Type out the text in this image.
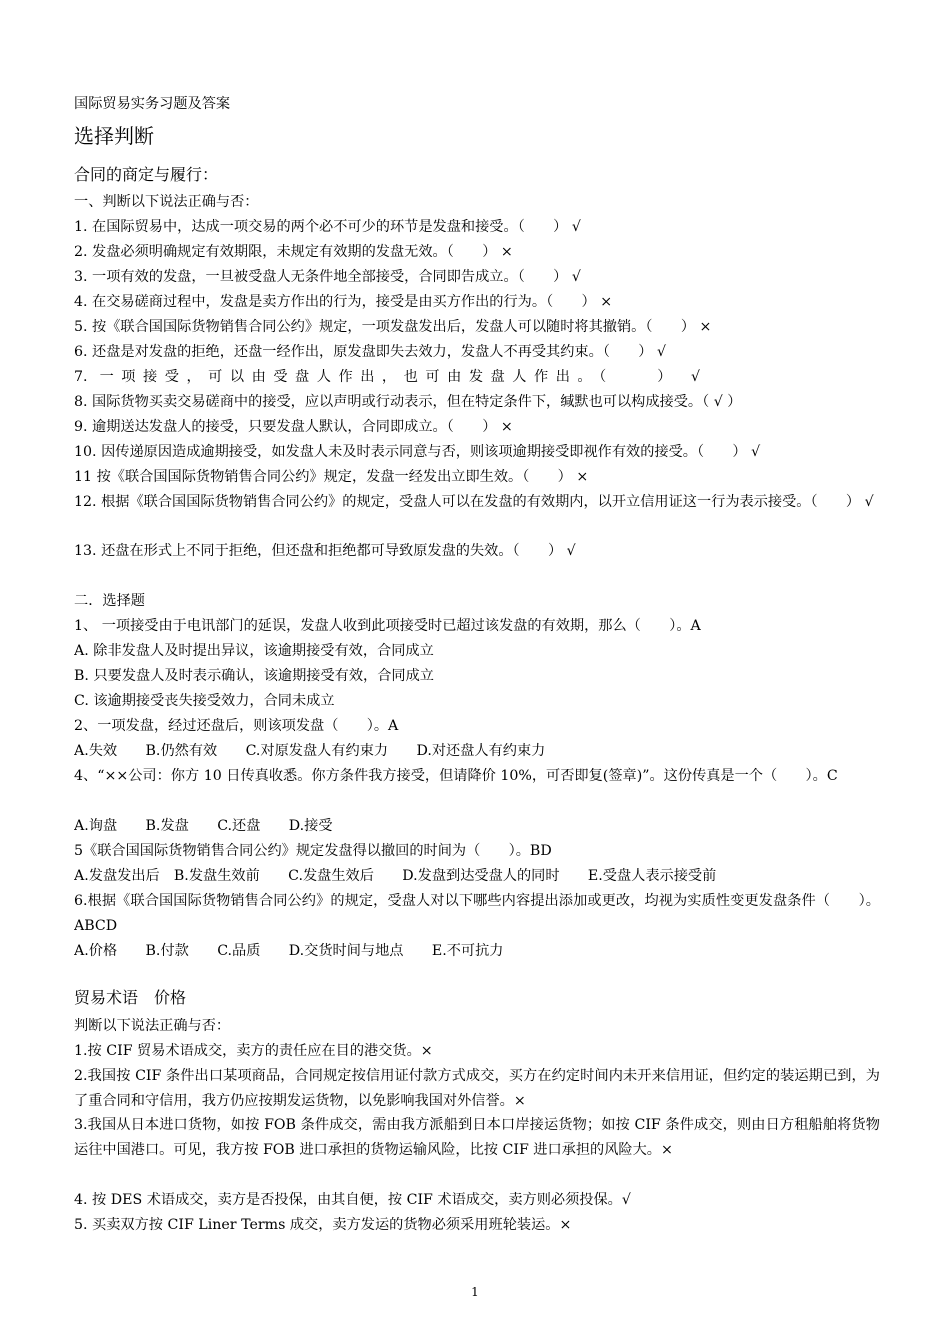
国际贸易实务习题及答案
选择判断
合同的商定与履行：
一、判断以下说法正确与否：
1. 在国际贸易中，达成一项交易的两个必不可少的环节是发盘和接受。（　　） √
2. 发盘必须明确规定有效期限，未规定有效期的发盘无效。（　　） ×
3. 一项有效的发盘，一旦被受盘人无条件地全部接受，合同即告成立。（　　） √
4. 在交易磋商过程中，发盘是卖方作出的行为，接受是由买方作出的行为。（　　） ×
5. 按《联合国国际货物销售合同公约》规定，一项发盘发出后，发盘人可以随时将其撤销。（　　） ×
6. 还盘是对发盘的拒绝，还盘一经作出，原发盘即失去效力，发盘人不再受其约束。（　　） √
7. 一项接受，可以由受盘人作出，也可由发盘人作出。（　　） √
8. 国际货物买卖交易磋商中的接受，应以声明或行动表示，但在特定条件下，缄默也可以构成接受。（ √ ）
9. 逾期送达发盘人的接受，只要发盘人默认，合同即成立。（　　） ×
10. 因传递原因造成逾期接受，如发盘人未及时表示同意与否，则该项逾期接受即视作有效的接受。（　　） √
11 按《联合国国际货物销售合同公约》规定，发盘一经发出立即生效。（　　） ×
12. 根据《联合国国际货物销售合同公约》的规定，受盘人可以在发盘的有效期内，以开立信用证这一行为表示接受。（　　） √
13. 还盘在形式上不同于拒绝，但还盘和拒绝都可导致原发盘的失效。（　　） √
二．选择题
1、 一项接受由于电讯部门的延误，发盘人收到此项接受时已超过该发盘的有效期，那么（　　）。A
A. 除非发盘人及时提出异议，该逾期接受有效，合同成立
B. 只要发盘人及时表示确认，该逾期接受有效，合同成立
C. 该逾期接受丧失接受效力，合同未成立
2、一项发盘，经过还盘后，则该项发盘（　　）。A
A.失效　　B.仍然有效　　C.对原发盘人有约束力　　D.对还盘人有约束力
4、“××公司：你方 10 日传真收悉。你方条件我方接受，但请降价 10%，可否即复(签章)”。这份传真是一个（　　）。C
A.询盘　　B.发盘　　C.还盘　　D.接受
5《联合国国际货物销售合同公约》规定发盘得以撤回的时间为（　　）。BD
A.发盘发出后　B.发盘生效前　　C.发盘生效后　　D.发盘到达受盘人的同时　　E.受盘人表示接受前
6.根据《联合国国际货物销售合同公约》的规定，受盘人对以下哪些内容提出添加或更改，均视为实质性变更发盘条件（　　）。ABCD
A.价格　　B.付款　　C.品质　　D.交货时间与地点　　E.不可抗力
贸易术语　价格
判断以下说法正确与否：
1.按 CIF 贸易术语成交，卖方的责任应在目的港交货。×
2.我国按 CIF 条件出口某项商品，合同规定按信用证付款方式成交，买方在约定时间内未开来信用证，但约定的装运期已到，为了重合同和守信用，我方仍应按期发运货物，以免影响我国对外信誉。×
3.我国从日本进口货物，如按 FOB 条件成交，需由我方派船到日本口岸接运货物；如按 CIF 条件成交，则由日方租船舶将货物运往中国港口。可见，我方按 FOB 进口承担的货物运输风险，比按 CIF 进口承担的风险大。×
4. 按 DES 术语成交，卖方是否投保，由其自便，按 CIF 术语成交，卖方则必须投保。√
5. 买卖双方按 CIF Liner Terms 成交，卖方发运的货物必须采用班轮装运。×
1
